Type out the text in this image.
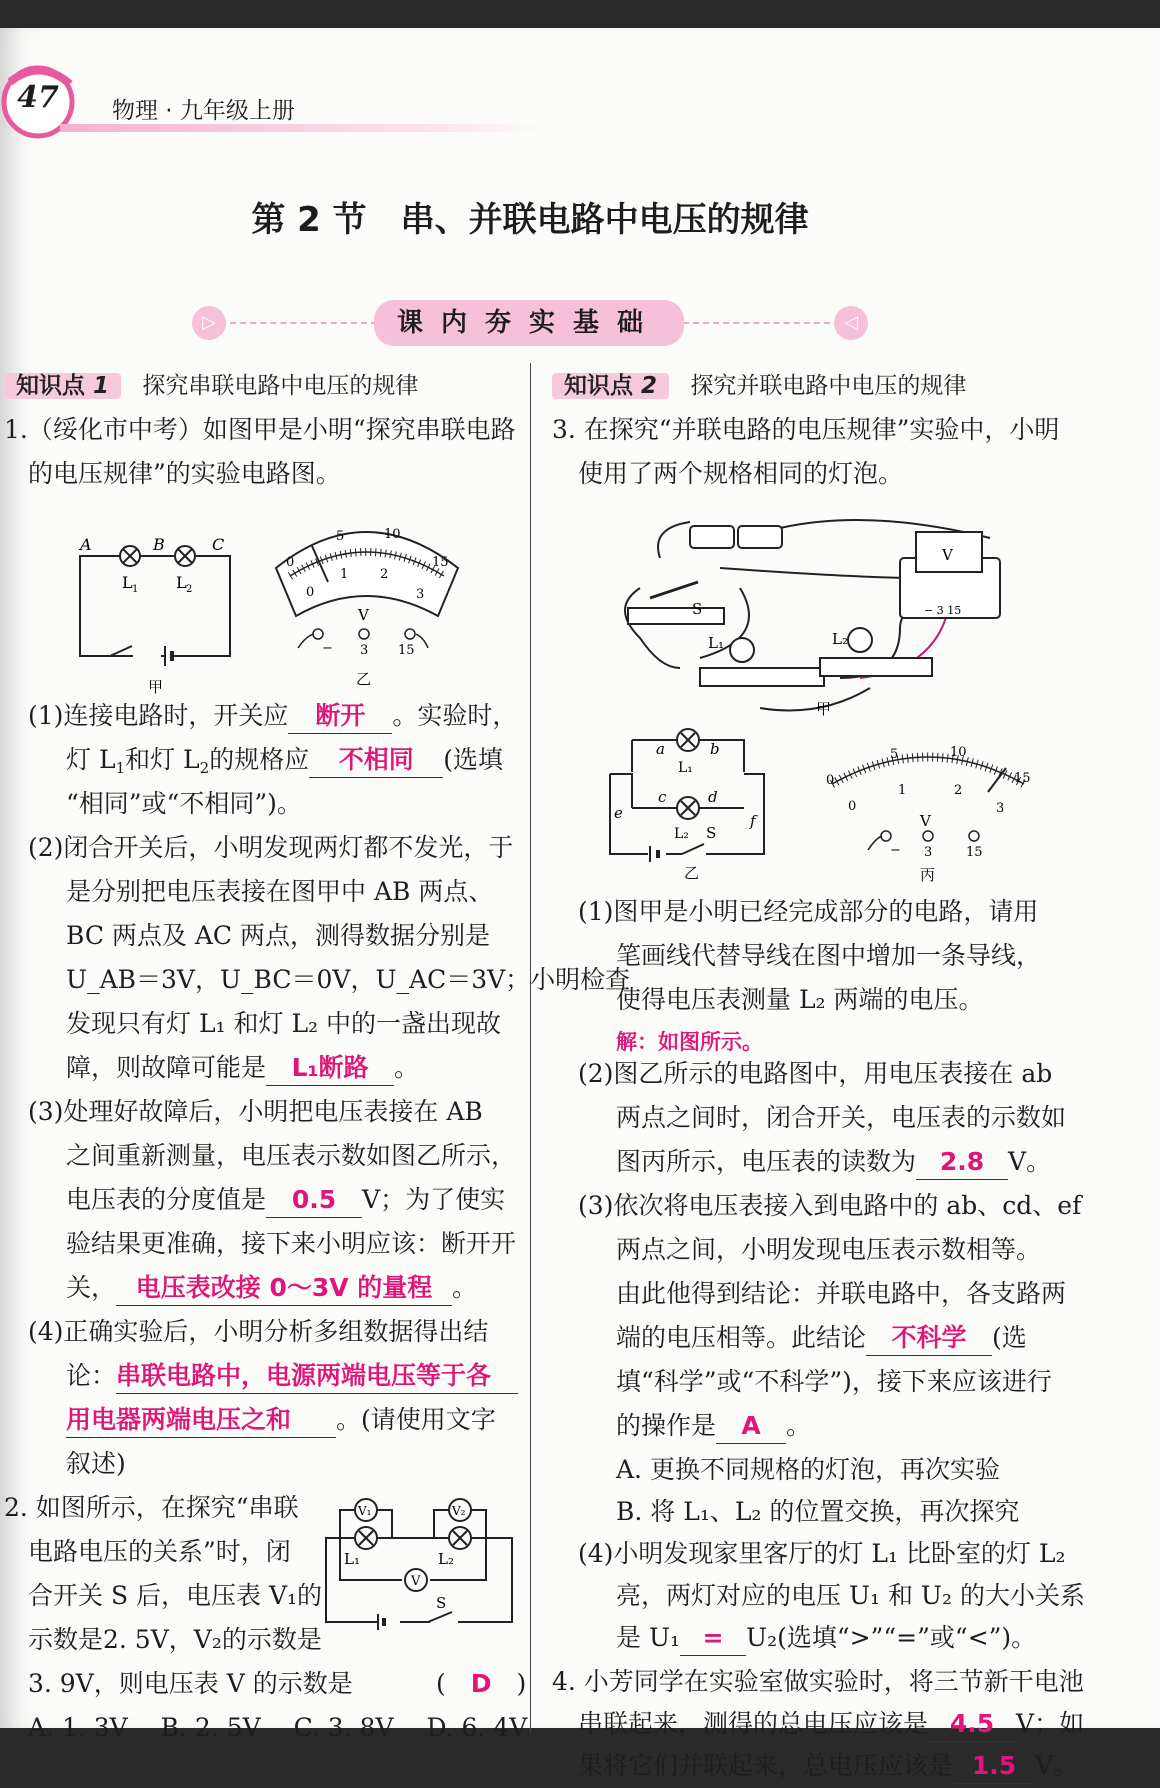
47 物理 · 九年级上册
第 2 节　串、并联电路中电压的规律
▷	◁
课内夯实基础
知识点 1 探究串联电路中电压的规律	知识点 2 探究并联电路中电压的规律
1.（绥化市中考）如图甲是小明“探究串联电路
的电压规律”的实验电路图。
A	B	C
L 1 L 2
甲
0
5	10
15
0
1 2
3
V
− 3 15
乙
(1)连接电路时，开关应 断开 。实验时，
灯 $L_1$和灯 $L_2$的规格应 不相同 (选填
“相同”或“不相同”)。
(2)闭合开关后，小明发现两灯都不发光，于
是分别把电压表接在图甲中 AB 两点、
BC 两点及 AC 两点，测得数据分别是
U_AB＝3V，U_BC＝0V，U_AC＝3V；小明检查
发现只有灯 L₁ 和灯 L₂ 中的一盏出现故
障，则故障可能是 L₁断路 。
(3)处理好故障后，小明把电压表接在 AB
之间重新测量，电压表示数如图乙所示，
电压表的分度值是 0.5 V；为了使实
验结果更准确，接下来小明应该：断开开
关， 电压表改接 0～3V 的量程 。
(4)正确实验后，小明分析多组数据得出结
论：串联电路中，电源两端电压等于各
用电器两端电压之和 。(请使用文字
叙述)
2. 如图所示，在探究“串联
电路电压的关系”时，闭
合开关 S 后，电压表 V₁的
示数是2. 5V，V₂的示数是
3. 9V，则电压表 V 的示数是	(　D　)
A. 1. 3V　 B. 2. 5V　 C. 3. 8V　 D. 6. 4V
V₁	V₂
V
L₁	L₂
S
3. 在探究“并联电路的电压规律”实验中，小明
使用了两个规格相同的灯泡。
S
L₁	L₂
V
− 3 15
甲
a	b
c	d
e	f
L₁
L₂ S
乙
0
5	10
15
0
1	2
3
V
− 3	15
丙
(1)图甲是小明已经完成部分的电路，请用
笔画线代替导线在图中增加一条导线，
使得电压表测量 L₂ 两端的电压。
解：如图所示。
(2)图乙所示的电路图中，用电压表接在 ab
两点之间时，闭合开关，电压表的示数如
图丙所示，电压表的读数为 2.8 V。
(3)依次将电压表接入到电路中的 ab、cd、ef
两点之间，小明发现电压表示数相等。
由此他得到结论：并联电路中，各支路两
端的电压相等。此结论 不科学 (选
填“科学”或“不科学”)，接下来应该进行
的操作是 A 。
A. 更换不同规格的灯泡，再次实验
B. 将 L₁、L₂ 的位置交换，再次探究
(4)小明发现家里客厅的灯 L₁ 比卧室的灯 L₂
亮，两灯对应的电压 U₁ 和 U₂ 的大小关系
是 U₁ = U₂(选填“>”“=”或“<”)。
4. 小芳同学在实验室做实验时，将三节新干电池
串联起来，测得的总电压应该是 4.5 V；如
果将它们并联起来，总电压应该是 1.5 V。
